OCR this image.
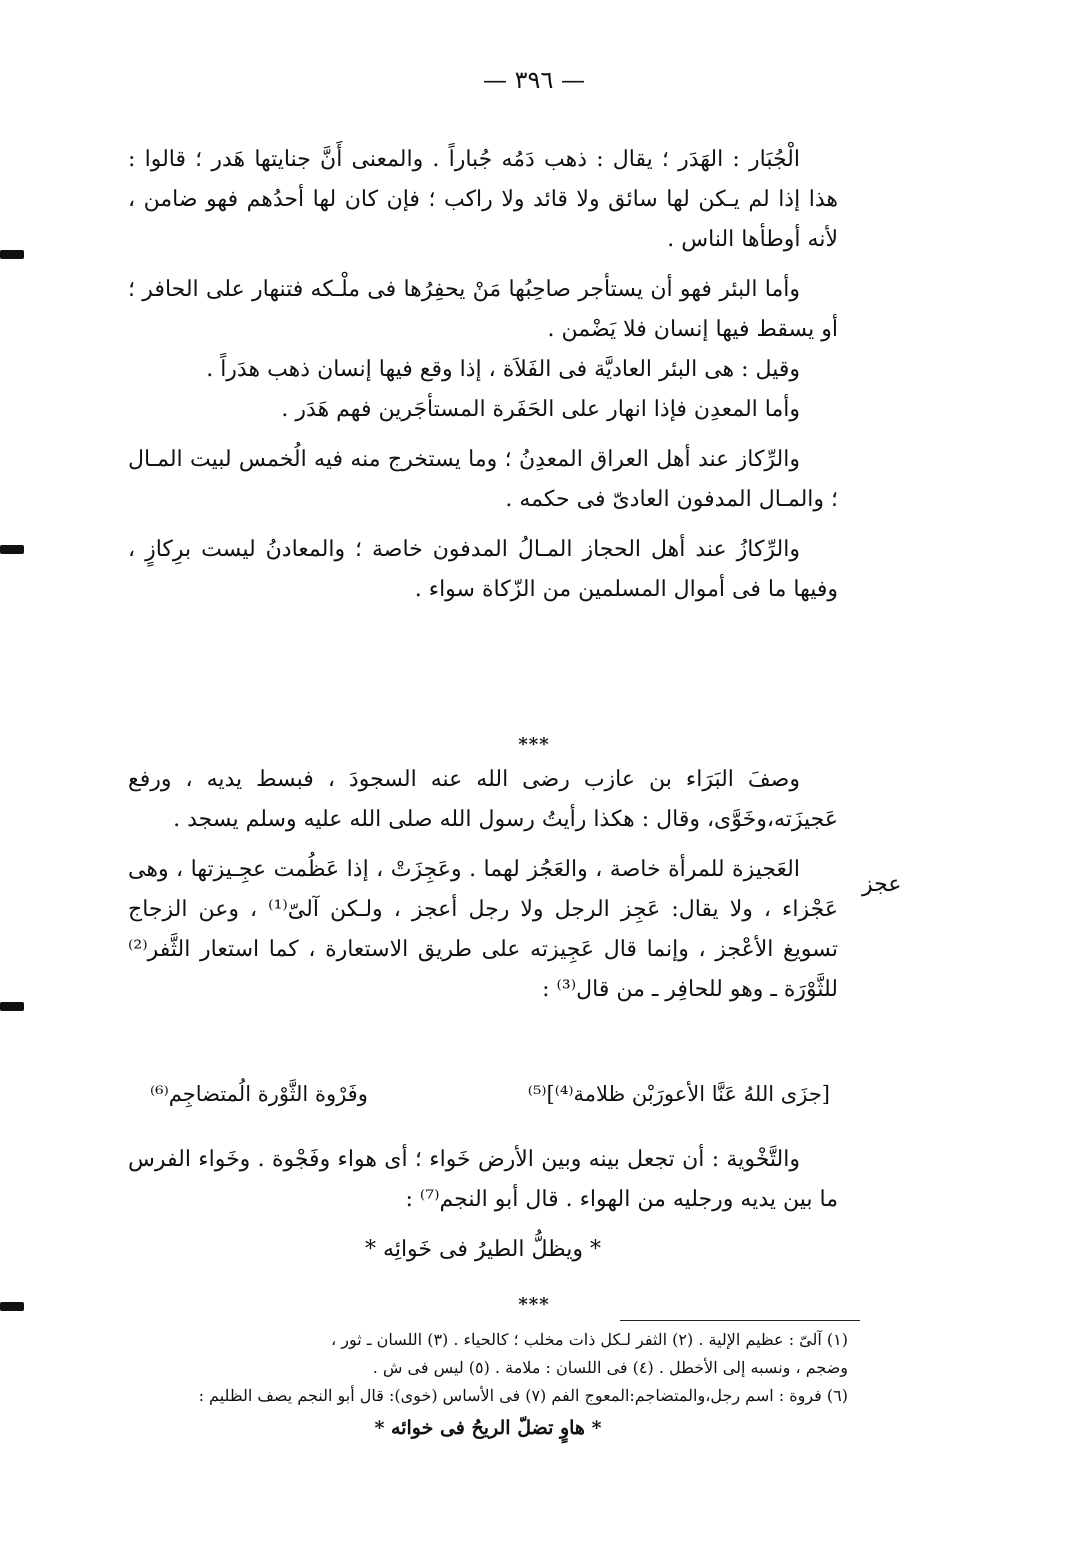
— ٣٩٦ —

الْجُبَار : الهَدَر ؛ يقال : ذهب دَمُه جُباراً . والمعنى أَنَّ جنايتها هَدر ؛ قالوا : هذا إذا لم يـكن لها سائق ولا قائد ولا راكب ؛ فإن كان لها أحدُهم فهو ضامن ، لأنه أوطأها الناس .

وأما البئر فهو أن يستأجر صاحِبُها مَنْ يحفِرُها فى ملْـكه فتنهار على الحافر ؛ أو يسقط فيها إنسان فلا يَضْمن .

وقيل : هى البئر العاديَّة فى الفَلاَة ، إذا وقع فيها إنسان ذهب هدَراً .

وأما المعدِن فإذا انهار على الحَفَرة المستأجَرين فهم هَدَر .

والرِّكاز عند أهل العراق المعدِنُ ؛ وما يستخرج منه فيه الُخمس لبيت المـال ؛ والمـال المدفون العادىّ فى حكمه .

والرِّكازُ عند أهل الحجاز المـالُ المدفون خاصة ؛ والمعادنُ ليست برِكازٍ ، وفيها ما فى أموال المسلمين من الزّكاة سواء .

***

وصفَ البَرَاء بن عازب رضى الله عنه السجودَ ، فبسط يديه ، ورفع عَجيزَته،وخَوَّى، وقال : هكذا رأيتُ رسول الله صلى الله عليه وسلم يسجد .

العَجيزة للمرأة خاصة ، والعَجُز لهما . وعَجِزَتْ ، إذا عَظُمت عجِـيزتها ، وهى عَجْزاء ، ولا يقال: عَجِز الرجل ولا رجل أعجز ، ولـكن آلىّ⁽¹⁾ ، وعن الزجاج تسويغ الأعْجز ، وإنما قال عَجِيزته على طريق الاستعارة ، كما استعار الثَّفر⁽²⁾ للثَّوْرَة ـ وهو للحافِر ـ من قال⁽³⁾ :

عجز
[جزَى اللهُ عَنَّا الأعورَبْن ظلامة⁽⁴⁾]⁽⁵⁾
وفَرْوة الثَّوْرة الُمتضاجِم⁽⁶⁾

والتَّخْوية : أن تجعل بينه وبين الأرض خَواء ؛ أى هواء وفَجْوة . وخَواء الفرس ما بين يديه ورجليه من الهواء . قال أبو النجم⁽⁷⁾ :

* ويظلُّ الطيرُ فى خَوائِه *

***

(١) آلىّ : عظيم الإلية . (٢) الثفر لـكل ذات مخلب ؛ كالحياء . (٣) اللسان ـ ثور ،

وضجم ، ونسبه إلى الأخطل . (٤) فى اللسان : ملامة . (٥) ليس فى ش .

(٦) فروة : اسم رجل،والمتضاجم:المعوج الفم (٧) فى الأساس (خوى): قال أبو النجم يصف الظليم :

* هاوٍ تضلّ الريحُ فى خوائه *
